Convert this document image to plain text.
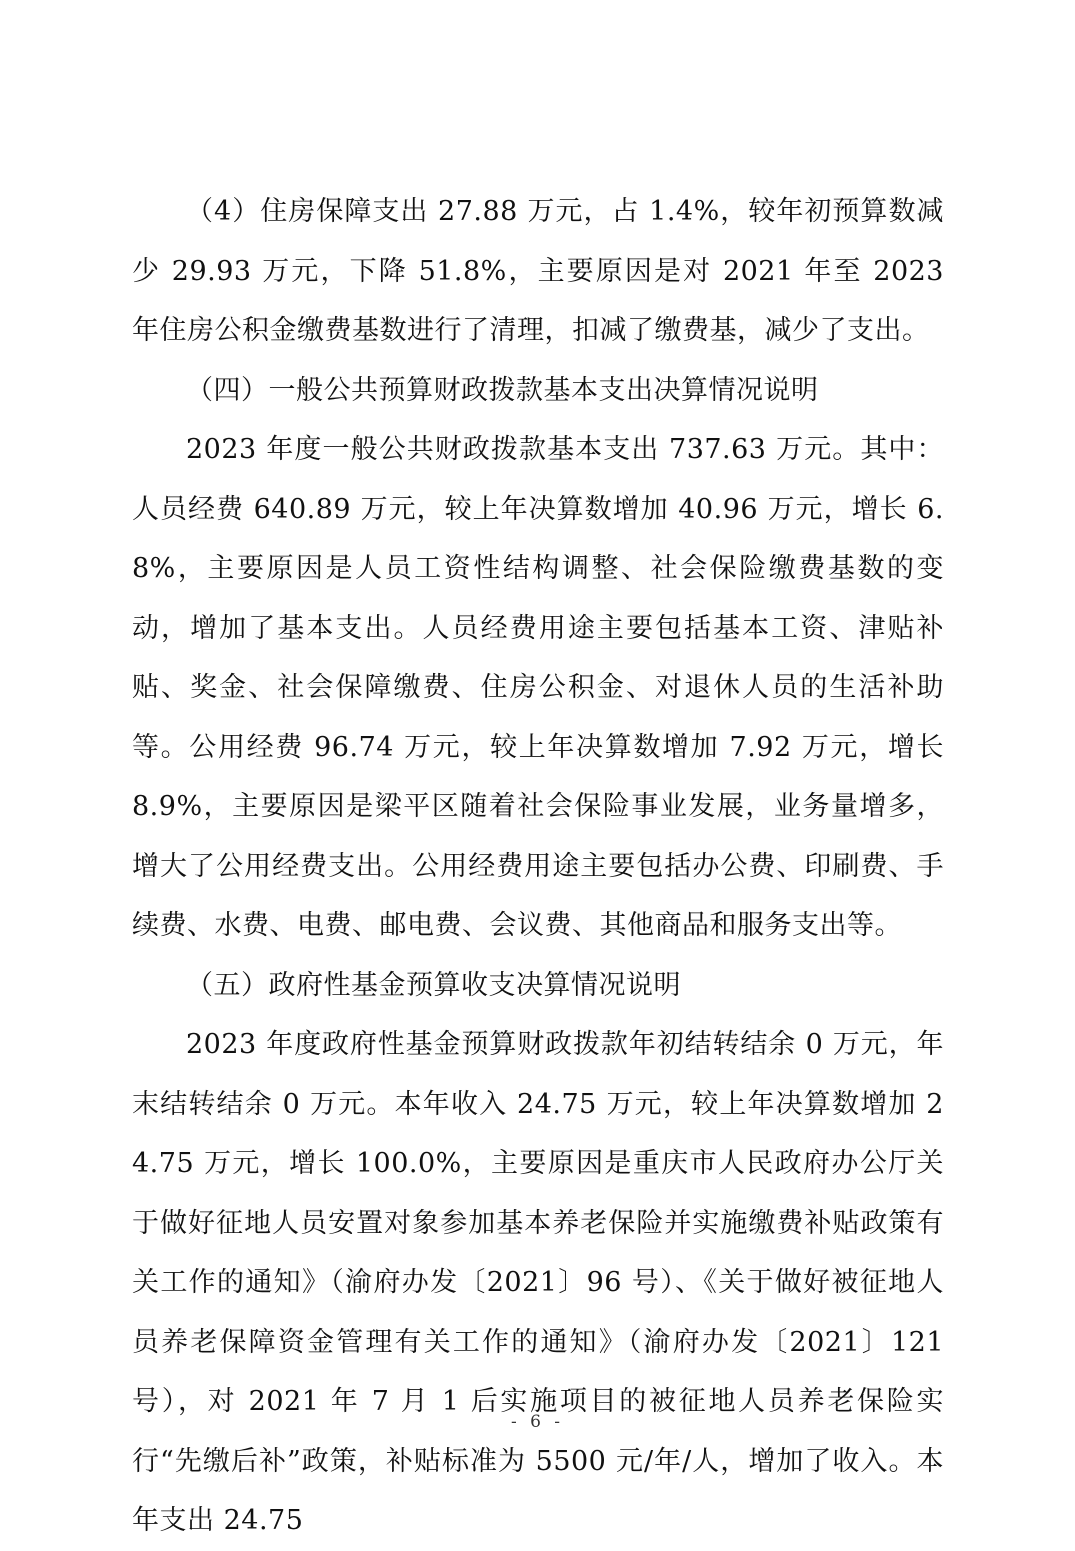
（4）住房保障支出 27.88 万元，占 1.4%，较年初预算数减少 29.93 万元，下降 51.8%，主要原因是对 2021 年至 2023 年住房公积金缴费基数进行了清理，扣减了缴费基，减少了支出。

（四）一般公共预算财政拨款基本支出决算情况说明

2023 年度一般公共财政拨款基本支出 737.63 万元。其中：人员经费 640.89 万元，较上年决算数增加 40.96 万元，增长 6.8%，主要原因是人员工资性结构调整、社会保险缴费基数的变动，增加了基本支出。人员经费用途主要包括基本工资、津贴补贴、奖金、社会保障缴费、住房公积金、对退休人员的生活补助等。公用经费 96.74 万元，较上年决算数增加 7.92 万元，增长 8.9%，主要原因是梁平区随着社会保险事业发展，业务量增多，增大了公用经费支出。公用经费用途主要包括办公费、印刷费、手续费、水费、电费、邮电费、会议费、其他商品和服务支出等。

（五）政府性基金预算收支决算情况说明

2023 年度政府性基金预算财政拨款年初结转结余 0 万元，年末结转结余 0 万元。本年收入 24.75 万元，较上年决算数增加 24.75 万元，增长 100.0%，主要原因是重庆市人民政府办公厅关于做好征地人员安置对象参加基本养老保险并实施缴费补贴政策有关工作的通知》（渝府办发〔2021〕96 号）、《关于做好被征地人员养老保障资金管理有关工作的通知》（渝府办发〔2021〕121 号），对 2021 年 7 月 1 后实施项目的被征地人员养老保险实行“先缴后补”政策，补贴标准为 5500 元/年/人，增加了收入。本年支出 24.75

- 6 -
